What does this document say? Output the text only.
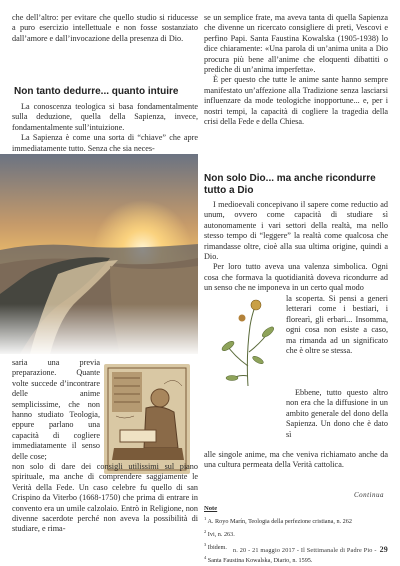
che dell’altro: per evitare che quello studio si riducesse a puro esercizio intellettuale e non fosse sostanziato dall’amore e dall’invocazione della presenza di Dio.

Non tanto dedurre... quanto intuire

La conoscenza teologica si basa fondamentalmente sulla deduzione, quella della Sapienza, invece, fondamentalmente sull’intuizione.

La Sapienza è come una sorta di “chiave” che apre immediatamente tutto. Senza che sia neces-

saria una previa preparazione. Quante volte succede d’incontrare delle anime semplicissime, che non hanno studiato Teologia, eppure parlano una capacità di cogliere immediatamente il senso delle cose;

non solo di dare dei consigli utilissimi sul piano spirituale, ma anche di comprendere saggiamente le Verità della Fede. Un caso celebre fu quello di san Crispino da Viterbo (1668-1750) che prima di entrare in convento era un umile calzolaio. Entrò in Religione, non divenne sacerdote perché non aveva la possibilità di studiare, e rima-

se un semplice frate, ma aveva tanta di quella Sapienza che divenne un ricercato consigliere di preti, Vescovi e perfino Papi. Santa Faustina Kowalska (1905-1938) lo dice chiaramente: «Una parola di un’anima unita a Dio procura più bene all’anime che eloquenti dibattiti o prediche di un’anima imperfetta».

È per questo che tutte le anime sante hanno sempre manifestato un’affezione alla Tradizione senza lasciarsi influenzare da mode teologiche inopportune... e, per i nostri tempi, la capacità di cogliere la tragedia della crisi della Fede e della Chiesa.

Non solo Dio... ma anche ricondurre tutto a Dio

I medioevali concepivano il sapere come reductio ad unum, ovvero come capacità di studiare sì autonomamente i vari settori della realtà, ma nello stesso tempo di “leggere” la realtà come qualcosa che rimandasse oltre, cioè alla sua ultima origine, quindi a Dio.

Per loro tutto aveva una valenza simbolica. Ogni cosa che formava la quotidianità doveva ricondurre ad un senso che ne imponeva in un certo qual modo

la scoperta. Si pensi a generi letterari come i bestiari, i florearì, gli erbari... Insomma, ogni cosa non esiste a caso, ma rimanda ad un significato che è oltre se stessa.

Ebbene, tutto questo altro non era che la diffusione in un ambito generale del dono della Sapienza. Un dono che è dato sì

alle singole anime, ma che veniva richiamato anche da una cultura permeata della Verità cattolica.

Continua
Note
$^1$ A. Royo Marín, Teologia della perfezione cristiana, n. 262
$^2$ Ivi, n. 263.
$^3$ Ibidem.
$^4$ Santa Faustina Kowalska, Diario, n. 1595.
n. 20 - 21 maggio 2017 - Il Settimanale di Padre Pio - 29
